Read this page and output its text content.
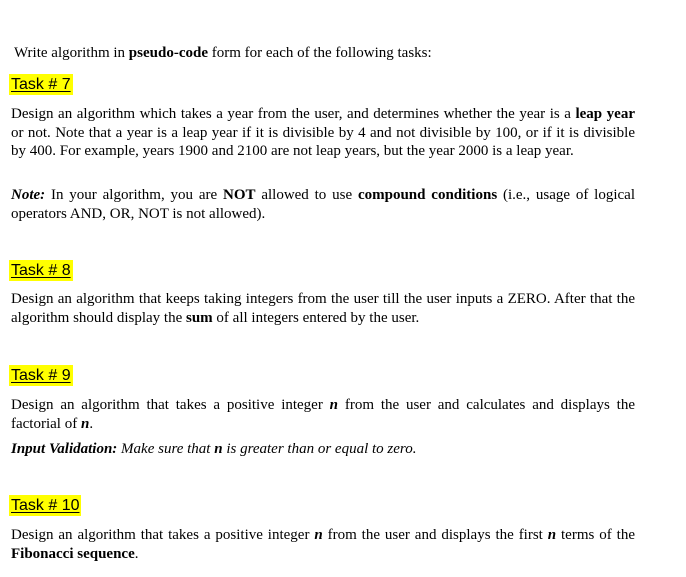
Write algorithm in pseudo-code form for each of the following tasks:

Task # 7

Design an algorithm which takes a year from the user, and determines whether the year is a leap year or not. Note that a year is a leap year if it is divisible by 4 and not divisible by 100, or if it is divisible by 400. For example, years 1900 and 2100 are not leap years, but the year 2000 is a leap year.

Note: In your algorithm, you are NOT allowed to use compound conditions (i.e., usage of logical operators AND, OR, NOT is not allowed).

Task # 8

Design an algorithm that keeps taking integers from the user till the user inputs a ZERO. After that the algorithm should display the sum of all integers entered by the user.

Task # 9

Design an algorithm that takes a positive integer n from the user and calculates and displays the factorial of n.

Input Validation: Make sure that n is greater than or equal to zero.

Task # 10

Design an algorithm that takes a positive integer n from the user and displays the first n terms of the Fibonacci sequence.
